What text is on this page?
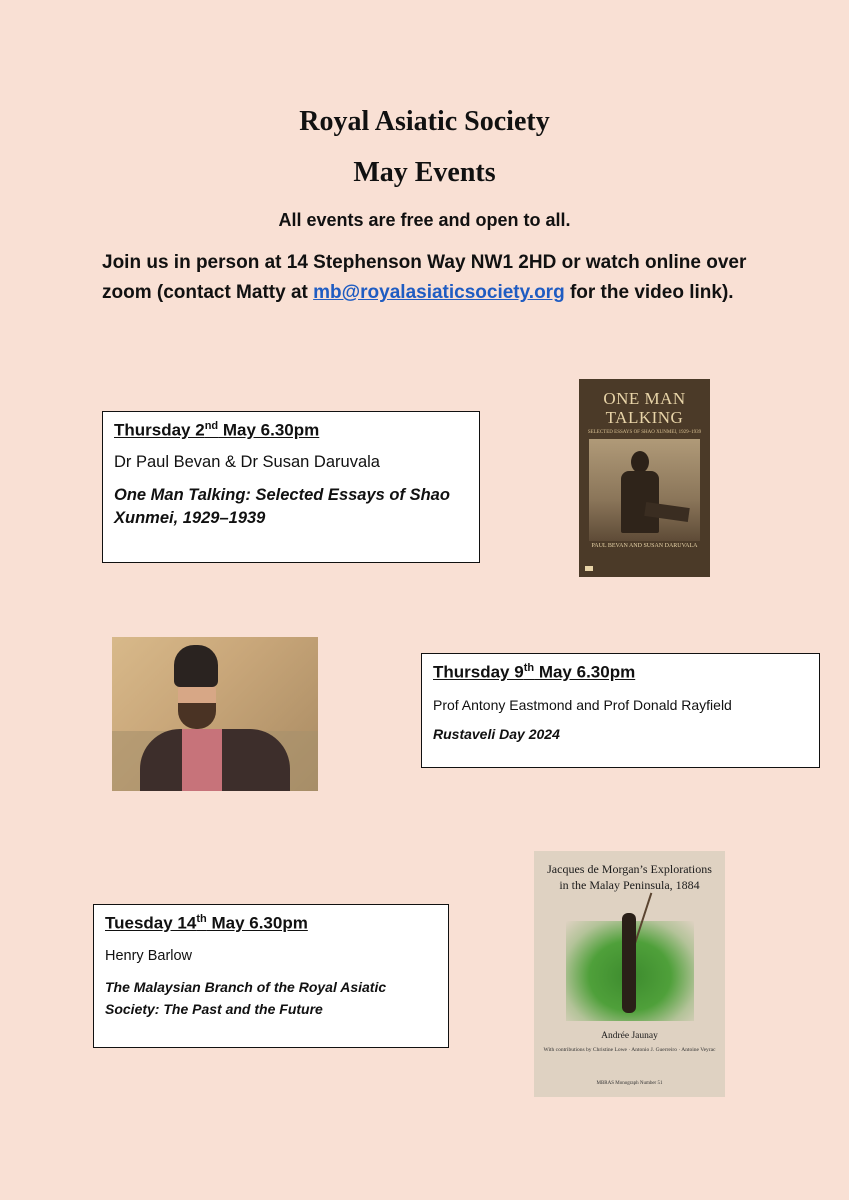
Royal Asiatic Society
May Events
All events are free and open to all.
Join us in person at 14 Stephenson Way NW1 2HD or watch online over zoom (contact Matty at mb@royalasiaticsociety.org for the video link).
Thursday 2nd May 6.30pm
Dr Paul Bevan & Dr Susan Daruvala
One Man Talking: Selected Essays of Shao Xunmei, 1929–1939
ONE MAN
TALKING
SELECTED ESSAYS OF SHAO XUNMEI, 1929–1939
PAUL BEVAN AND SUSAN DARUVALA
Thursday 9th May 6.30pm
Prof Antony Eastmond and Prof Donald Rayfield
Rustaveli Day 2024
Tuesday 14th May 6.30pm
Henry Barlow
The Malaysian Branch of the Royal Asiatic Society: The Past and the Future
Jacques de Morgan’s Explorations
in the Malay Peninsula, 1884
Andrée Jaunay
With contributions by Christine Lowe · Antonio J. Guerreiro · Antoine Veyrac
MBRAS Monograph Number 51
